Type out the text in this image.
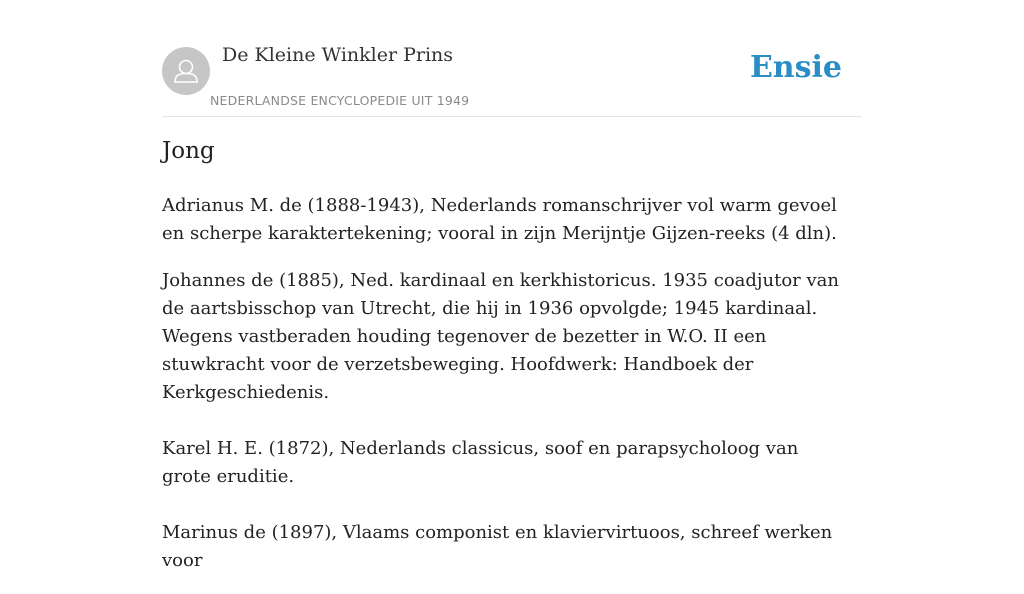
De Kleine Winkler Prins
NEDERLANDSE ENCYCLOPEDIE UIT 1949
Ensie
Jong

Adrianus M. de (1888-1943), Nederlands romanschrijver vol warm gevoel en scherpe karaktertekening; vooral in zijn Merijntje Gijzen-reeks (4 dln).

Johannes de (1885), Ned. kardinaal en kerkhistoricus. 1935 coadjutor van de aartsbisschop van Utrecht, die hij in 1936 opvolgde; 1945 kardinaal. Wegens vastberaden houding tegenover de bezetter in W.O. II een stuwkracht voor de verzetsbeweging. Hoofdwerk: Handboek der Kerkgeschiedenis.

Karel H. E. (1872), Nederlands classicus, soof en parapsycholoog van grote eruditie.

Marinus de (1897), Vlaams componist en klaviervirtuoos, schreef werken voor
